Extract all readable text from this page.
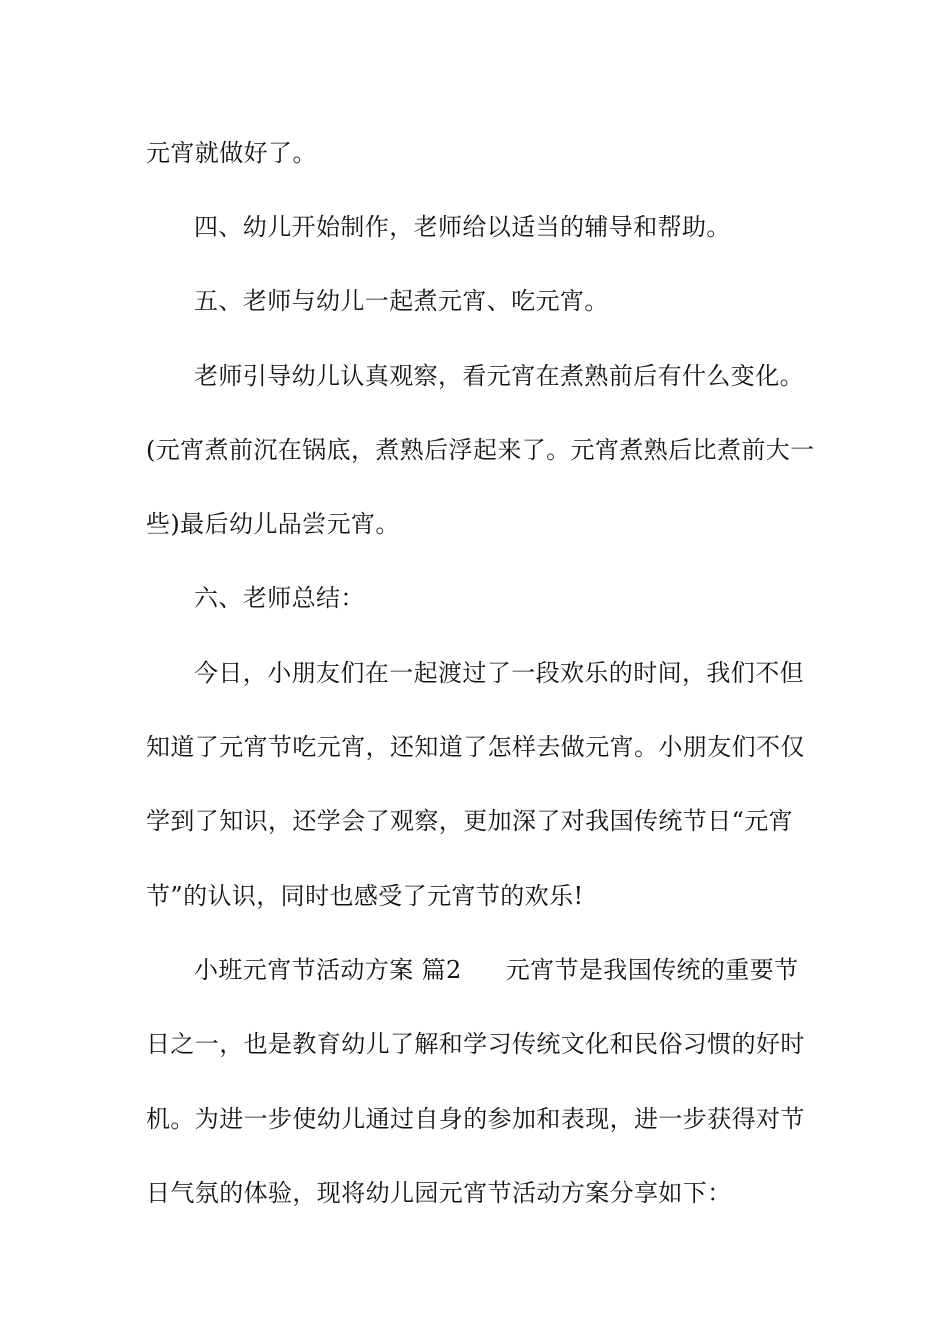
元宵就做好了。
四、幼儿开始制作，老师给以适当的辅导和帮助。
五、老师与幼儿一起煮元宵、吃元宵。
老师引导幼儿认真观察，看元宵在煮熟前后有什么变化。
(元宵煮前沉在锅底，煮熟后浮起来了。元宵煮熟后比煮前大一
些)最后幼儿品尝元宵。
六、老师总结：
今日，小朋友们在一起渡过了一段欢乐的时间，我们不但
知道了元宵节吃元宵，还知道了怎样去做元宵。小朋友们不仅
学到了知识，还学会了观察，更加深了对我国传统节日“元宵
节”的认识，同时也感受了元宵节的欢乐!
小班元宵节活动方案 篇2 元宵节是我国传统的重要节
日之一，也是教育幼儿了解和学习传统文化和民俗习惯的好时
机。为进一步使幼儿通过自身的参加和表现，进一步获得对节
日气氛的体验，现将幼儿园元宵节活动方案分享如下：
